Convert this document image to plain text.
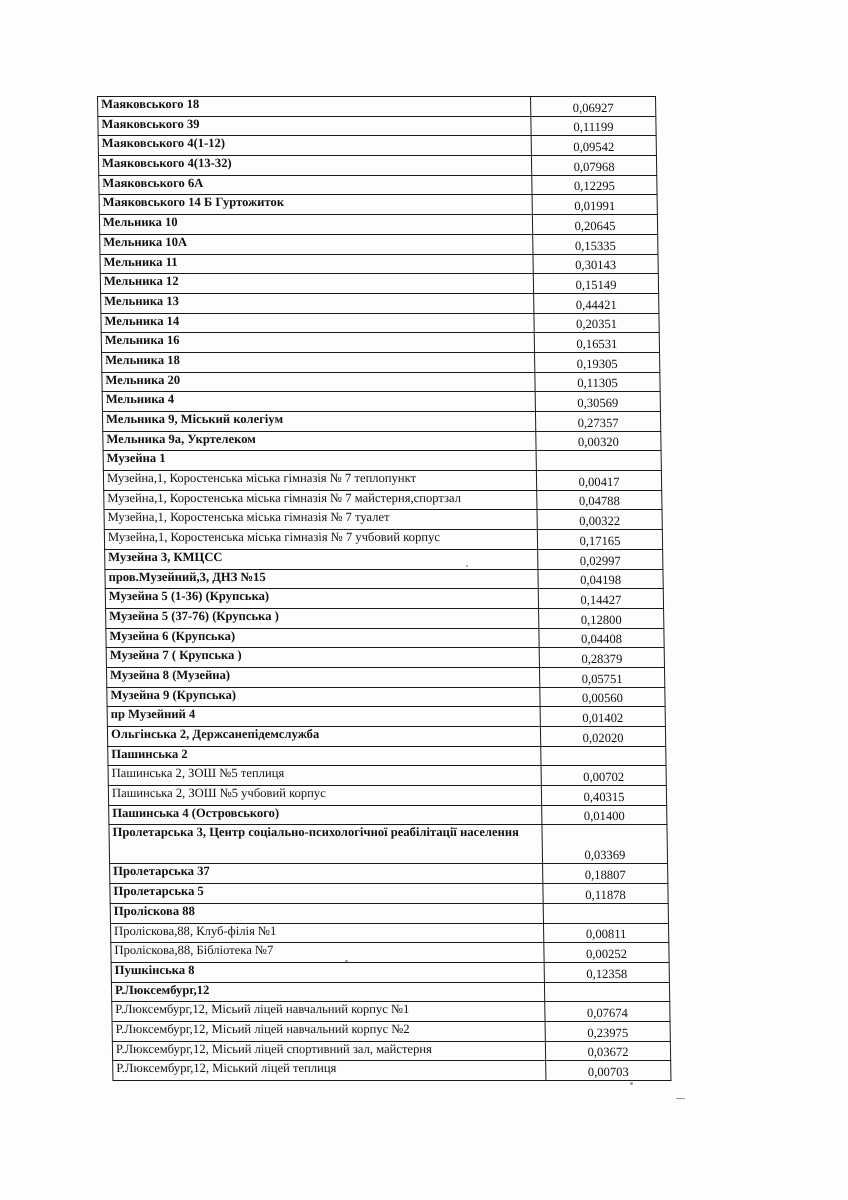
Маяковського 18	0,06927
Маяковського 39	0,11199
Маяковського 4(1-12)	0,09542
Маяковського 4(13-32)	0,07968
Маяковського 6А	0,12295
Маяковського 14 Б Гуртожиток	0,01991
Мельника 10	0,20645
Мельника 10А	0,15335
Мельника 11	0,30143
Мельника 12	0,15149
Мельника 13	0,44421
Мельника 14	0,20351
Мельника 16	0,16531
Мельника 18	0,19305
Мельника 20	0,11305
Мельника 4	0,30569
Мельника 9, Міський колегіум	0,27357
Мельника 9а, Укртелеком	0,00320
Музейна 1	
Музейна,1, Коростенська міська гімназія № 7 теплопункт	0,00417
Музейна,1, Коростенська міська гімназія № 7 майстерня,спортзал	0,04788
Музейна,1, Коростенська міська гімназія № 7 туалет	0,00322
Музейна,1, Коростенська міська гімназія № 7 учбовий корпус	0,17165
Музейна 3, КМЦСС	0,02997
пров.Музейний,3, ДНЗ №15	0,04198
Музейна 5 (1-36) (Крупська)	0,14427
Музейна 5 (37-76) (Крупська )	0,12800
Музейна 6 (Крупська)	0,04408
Музейна 7 ( Крупська )	0,28379
Музейна 8 (Музейна)	0,05751
Музейна 9 (Крупська)	0,00560
пр Музейний 4	0,01402
Ольгінська 2, Держсанепідемслужба	0,02020
Пашинська 2	
Пашинська 2, ЗОШ №5 теплиця	0,00702
Пашинська 2, ЗОШ №5 учбовий корпус	0,40315
Пашинська 4 (Островського)	0,01400
Пролетарська 3, Центр соціально-психологічної реабілітації населення	0,03369
Пролетарська 37	0,18807
Пролетарська 5	0,11878
Проліскова 88	
Проліскова,88, Клуб-філія №1	0,00811
Проліскова,88, Бібліотека №7	0,00252
Пушкінська 8	0,12358
Р.Люксембург,12	
Р.Люксембург,12, Місьий ліцей навчальний корпус №1	0,07674
Р.Люксембург,12, Місьий ліцей навчальний корпус №2	0,23975
Р.Люксембург,12, Місьий ліцей спортивний зал, майстерня	0,03672
Р.Люксембург,12, Міський ліцей теплиця	0,00703
